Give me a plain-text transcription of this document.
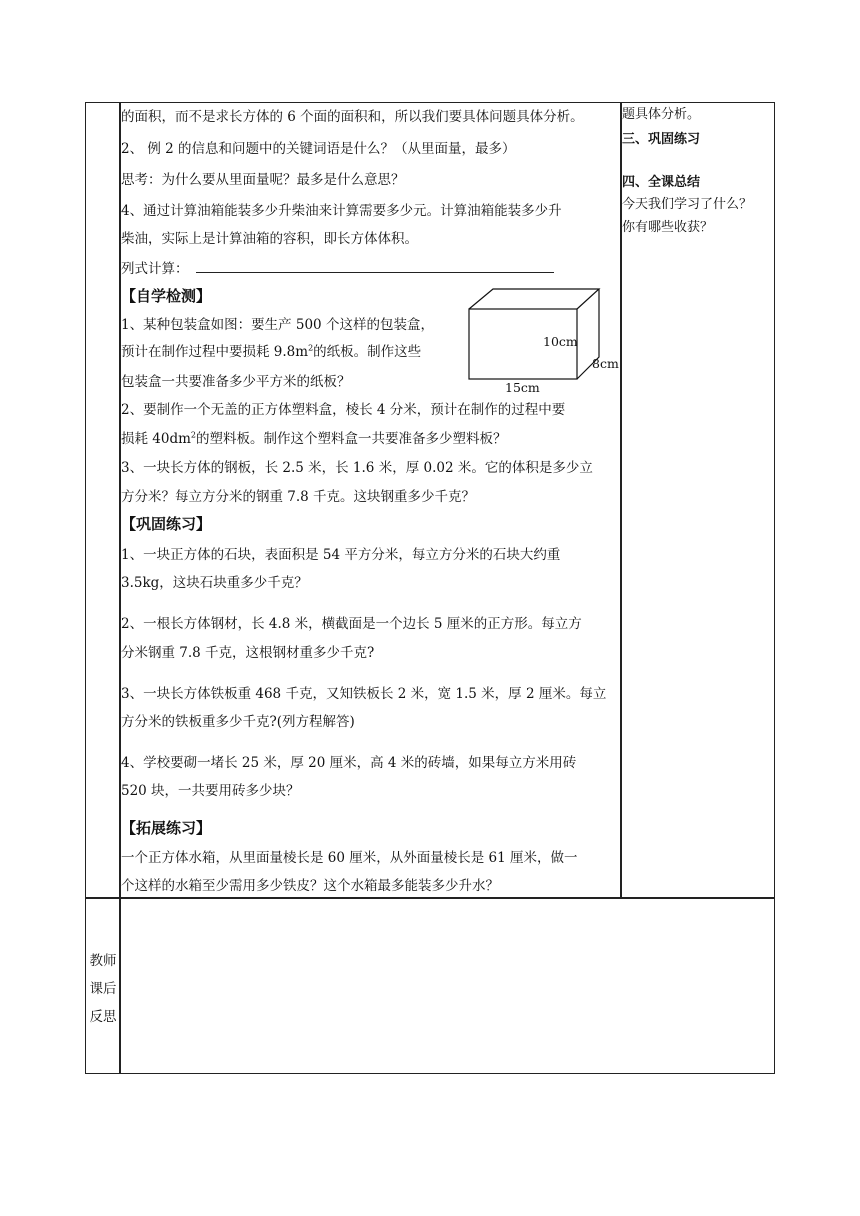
的面积，而不是求长方体的 6 个面的面积和，所以我们要具体问题具体分析。
2、 例 2 的信息和问题中的关键词语是什么？（从里面量，最多）
思考：为什么要从里面量呢？最多是什么意思？
4、通过计算油箱能装多少升柴油来计算需要多少元。计算油箱能装多少升
柴油，实际上是计算油箱的容积，即长方体体积。
列式计算：
【自学检测】
1、某种包装盒如图：要生产 500 个这样的包装盒，
预计在制作过程中要损耗 $9.8m^2$的纸板。制作这些
包装盒一共要准备多少平方米的纸板？
10cm
8cm
15cm
2、要制作一个无盖的正方体塑料盒，棱长 4 分米，预计在制作的过程中要
损耗 $40dm^2$的塑料板。制作这个塑料盒一共要准备多少塑料板？
3、一块长方体的钢板，长 2.5 米，长 1.6 米，厚 0.02 米。它的体积是多少立
方分米？每立方分米的钢重 7.8 千克。这块钢重多少千克？
【巩固练习】
1、一块正方体的石块，表面积是 54 平方分米，每立方分米的石块大约重
3.5kg，这块石块重多少千克？
2、一根长方体钢材，长 4.8 米，横截面是一个边长 5 厘米的正方形。每立方
分米钢重 7.8 千克，这根钢材重多少千克?
3、一块长方体铁板重 468 千克，又知铁板长 2 米，宽 1.5 米，厚 2 厘米。每立
方分米的铁板重多少千克?(列方程解答)
4、学校要砌一堵长 25 米，厚 20 厘米，高 4 米的砖墙，如果每立方米用砖
520 块，一共要用砖多少块？
【拓展练习】
一个正方体水箱，从里面量棱长是 60 厘米，从外面量棱长是 61 厘米，做一
个这样的水箱至少需用多少铁皮？这个水箱最多能装多少升水？
题具体分析。
三、巩固练习
四、全课总结
今天我们学习了什么？
你有哪些收获？
教师
课后
反思
